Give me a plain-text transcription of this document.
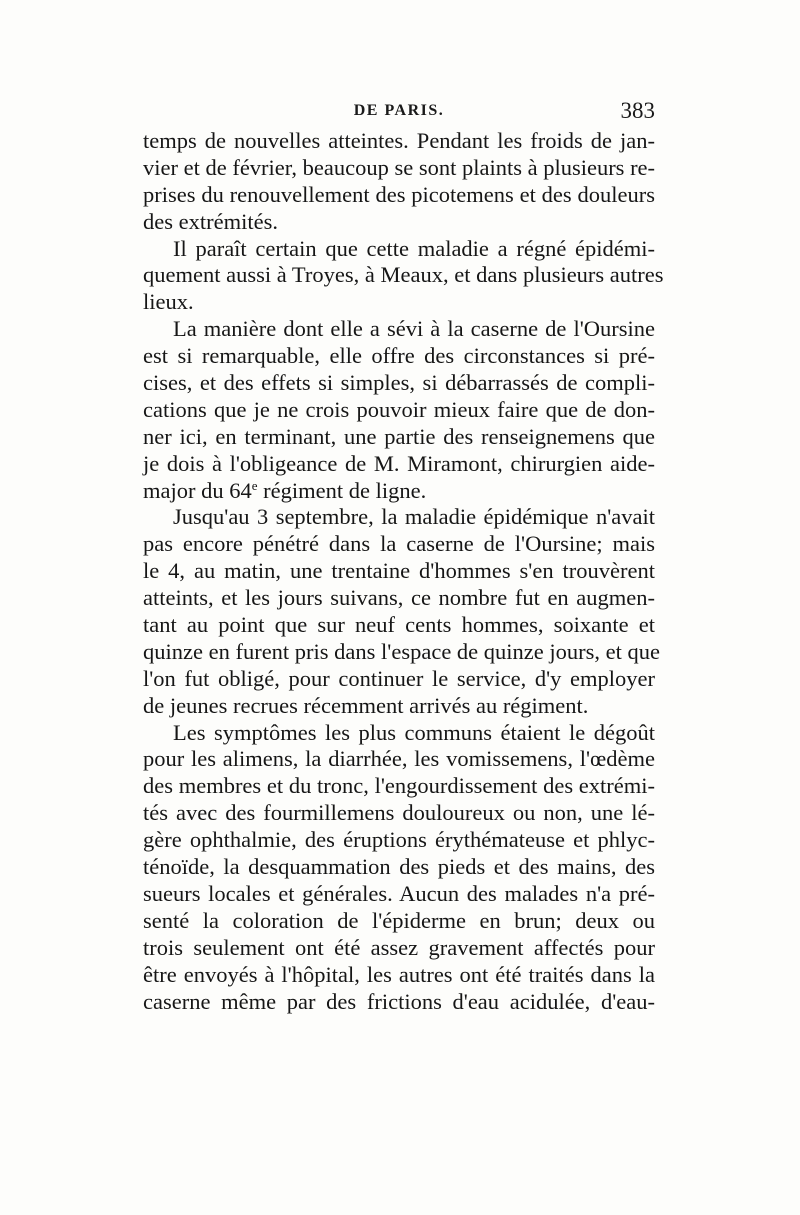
DE PARIS.	383

temps de nouvelles atteintes. Pendant les froids de jan-
vier et de février, beaucoup se sont plaints à plusieurs re-
prises du renouvellement des picotemens et des douleurs
des extrémités.

Il paraît certain que cette maladie a régné épidémi-
quement aussi à Troyes, à Meaux, et dans plusieurs autres
lieux.

La manière dont elle a sévi à la caserne de l'Oursine
est si remarquable, elle offre des circonstances si pré-
cises, et des effets si simples, si débarrassés de compli-
cations que je ne crois pouvoir mieux faire que de don-
ner ici, en terminant, une partie des renseignemens que
je dois à l'obligeance de M. Miramont, chirurgien aide-
major du 64e régiment de ligne.

Jusqu'au 3 septembre, la maladie épidémique n'avait
pas encore pénétré dans la caserne de l'Oursine; mais
le 4, au matin, une trentaine d'hommes s'en trouvèrent
atteints, et les jours suivans, ce nombre fut en augmen-
tant au point que sur neuf cents hommes, soixante et
quinze en furent pris dans l'espace de quinze jours, et que
l'on fut obligé, pour continuer le service, d'y employer
de jeunes recrues récemment arrivés au régiment.

Les symptômes les plus communs étaient le dégoût
pour les alimens, la diarrhée, les vomissemens, l'œdème
des membres et du tronc, l'engourdissement des extrémi-
tés avec des fourmillemens douloureux ou non, une lé-
gère ophthalmie, des éruptions érythémateuse et phlyc-
ténoïde, la desquammation des pieds et des mains, des
sueurs locales et générales. Aucun des malades n'a pré-
senté la coloration de l'épiderme en brun; deux ou
trois seulement ont été assez gravement affectés pour
être envoyés à l'hôpital, les autres ont été traités dans la
caserne même par des frictions d'eau acidulée, d'eau-
